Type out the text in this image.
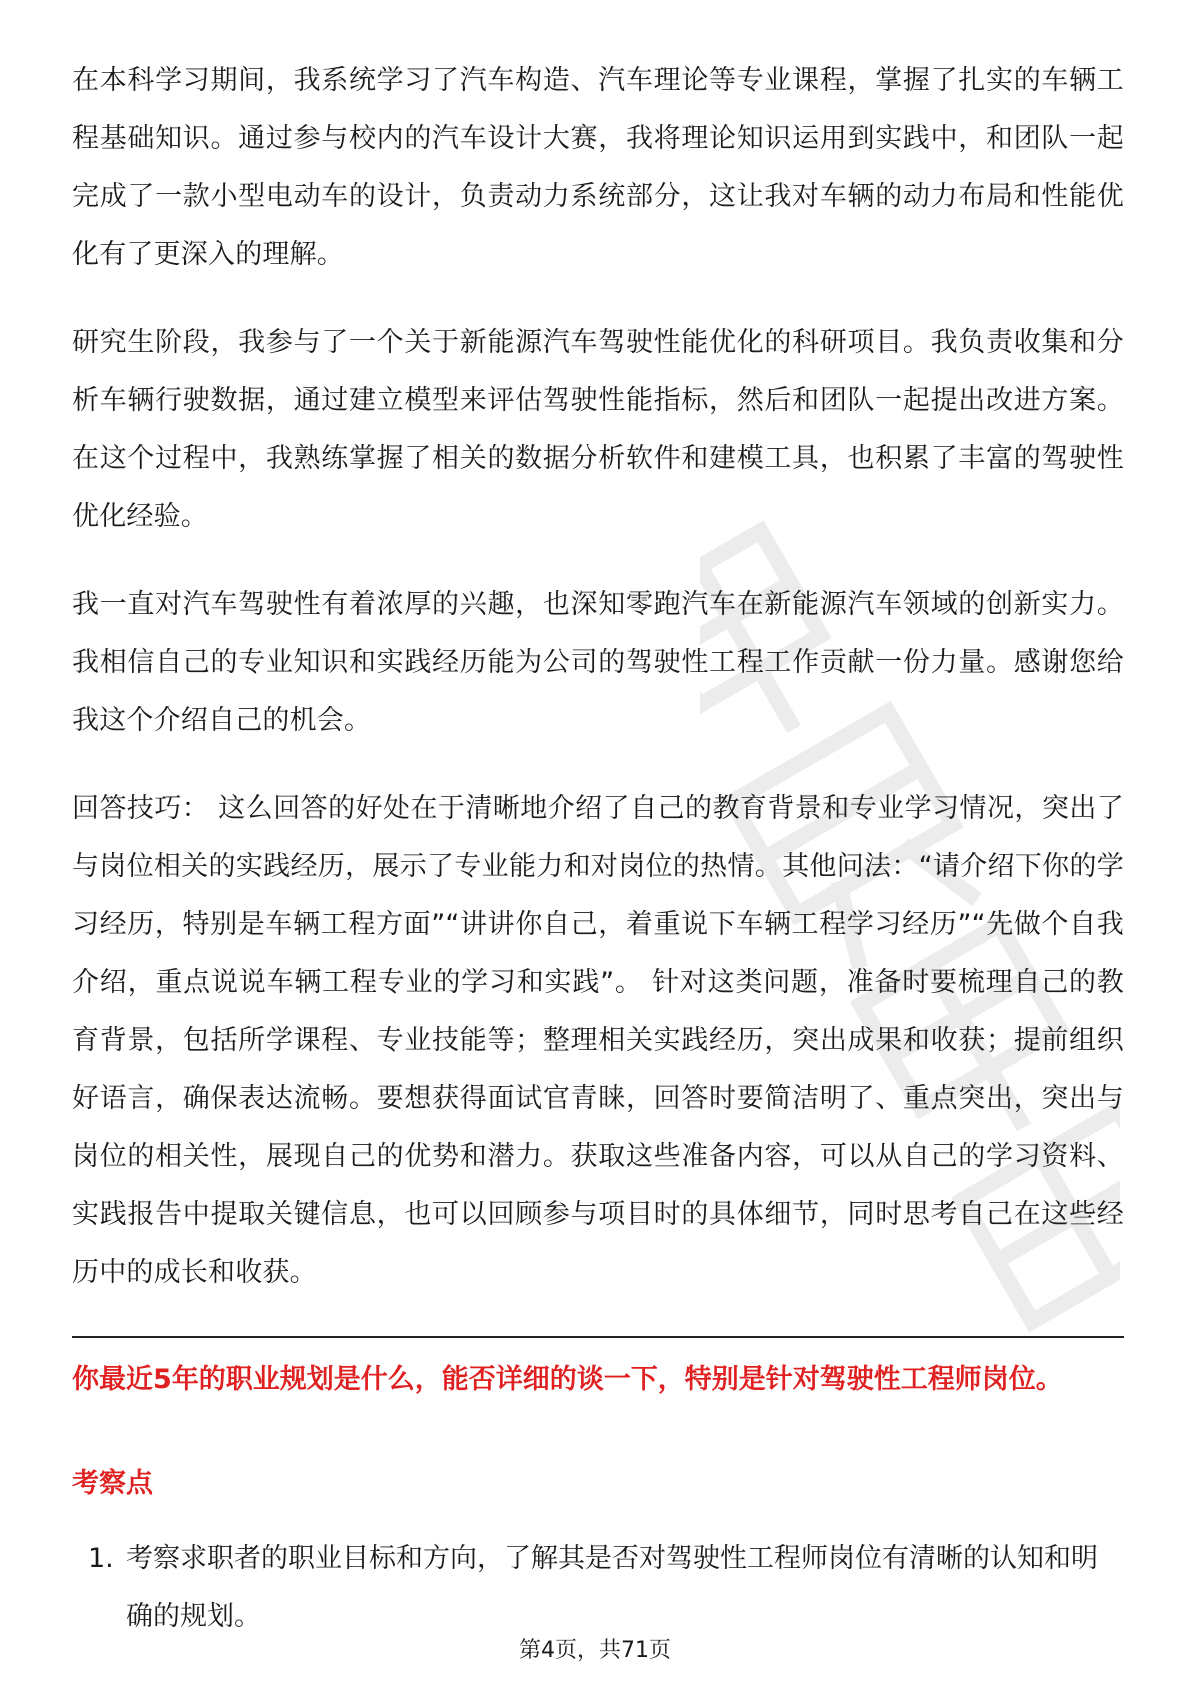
在本科学习期间，我系统学习了汽车构造、汽车理论等专业课程，掌握了扎实的车辆工程基础知识。通过参与校内的汽车设计大赛，我将理论知识运用到实践中，和团队一起完成了一款小型电动车的设计，负责动力系统部分，这让我对车辆的动力布局和性能优化有了更深入的理解。

研究生阶段，我参与了一个关于新能源汽车驾驶性能优化的科研项目。我负责收集和分析车辆行驶数据，通过建立模型来评估驾驶性能指标，然后和团队一起提出改进方案。在这个过程中，我熟练掌握了相关的数据分析软件和建模工具，也积累了丰富的驾驶性优化经验。

我一直对汽车驾驶性有着浓厚的兴趣，也深知零跑汽车在新能源汽车领域的创新实力。我相信自己的专业知识和实践经历能为公司的驾驶性工程工作贡献一份力量。感谢您给我这个介绍自己的机会。

回答技巧： 这么回答的好处在于清晰地介绍了自己的教育背景和专业学习情况，突出了与岗位相关的实践经历，展示了专业能力和对岗位的热情。其他问法：“请介绍下你的学习经历，特别是车辆工程方面”“讲讲你自己，着重说下车辆工程学习经历”“先做个自我介绍，重点说说车辆工程专业的学习和实践”。 针对这类问题，准备时要梳理自己的教育背景，包括所学课程、专业技能等；整理相关实践经历，突出成果和收获；提前组织好语言，确保表达流畅。要想获得面试官青睐，回答时要简洁明了、重点突出，突出与岗位的相关性，展现自己的优势和潜力。获取这些准备内容，可以从自己的学习资料、实践报告中提取关键信息，也可以回顾参与项目时的具体细节，同时思考自己在这些经历中的成长和收获。

你最近5年的职业规划是什么，能否详细的谈一下，特别是针对驾驶性工程师岗位。
考察点
1. 考察求职者的职业目标和方向，了解其是否对驾驶性工程师岗位有清晰的认知和明确的规划。
第4页，共71页
